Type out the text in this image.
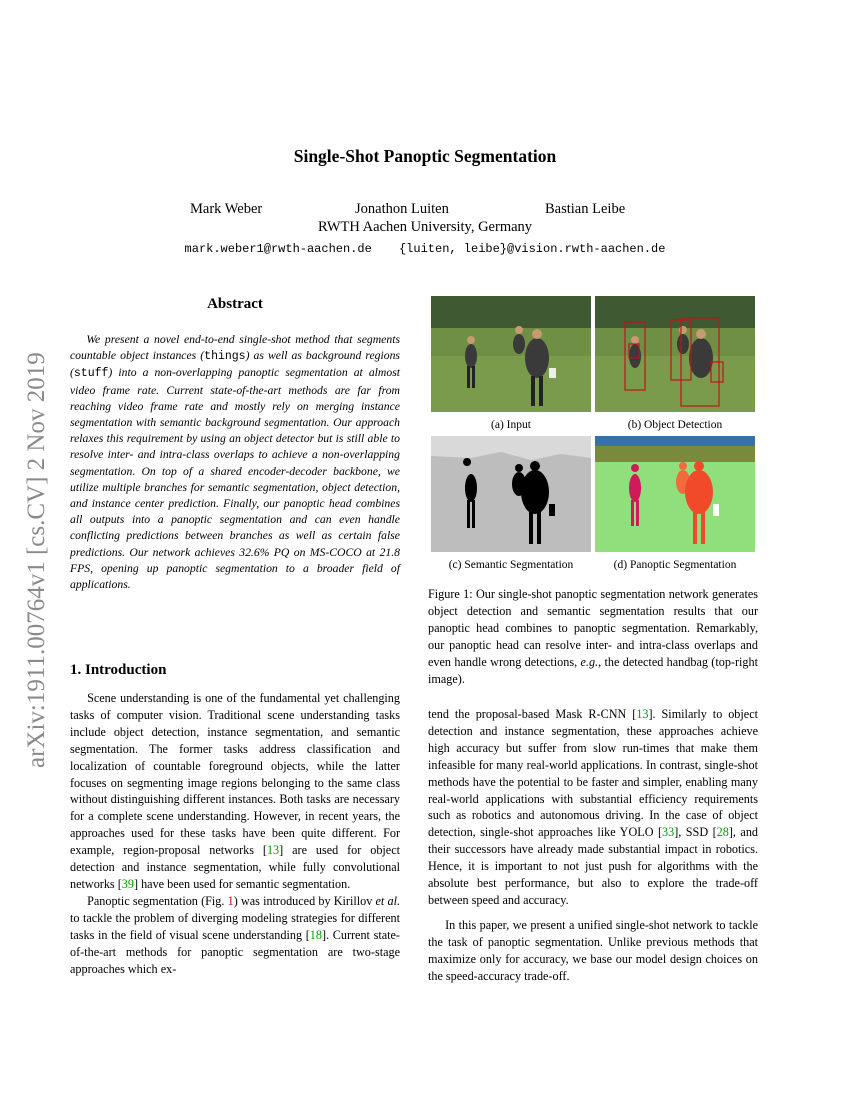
arXiv:1911.00764v1 [cs.CV] 2 Nov 2019
Single-Shot Panoptic Segmentation
Mark Weber	Jonathon Luiten	Bastian Leibe
RWTH Aachen University, Germany
mark.weber1@rwth-aachen.de {luiten, leibe}@vision.rwth-aachen.de
Abstract
We present a novel end-to-end single-shot method that segments countable object instances (things) as well as background regions (stuff) into a non-overlapping panoptic segmentation at almost video frame rate. Current state-of-the-art methods are far from reaching video frame rate and mostly rely on merging instance segmentation with semantic background segmentation. Our approach relaxes this requirement by using an object detector but is still able to resolve inter- and intra-class overlaps to achieve a non-overlapping segmentation. On top of a shared encoder-decoder backbone, we utilize multiple branches for semantic segmentation, object detection, and instance center prediction. Finally, our panoptic head combines all outputs into a panoptic segmentation and can even handle conflicting predictions between branches as well as certain false predictions. Our network achieves 32.6% PQ on MS-COCO at 21.8 FPS, opening up panoptic segmentation to a broader field of applications.
1. Introduction

Scene understanding is one of the fundamental yet challenging tasks of computer vision. Traditional scene understanding tasks include object detection, instance segmentation, and semantic segmentation. The former tasks address classification and localization of countable foreground objects, while the latter focuses on segmenting image regions belonging to the same class without distinguishing different instances. Both tasks are necessary for a complete scene understanding. However, in recent years, the approaches used for these tasks have been quite different. For example, region-proposal networks [13] are used for object detection and instance segmentation, while fully convolutional networks [39] have been used for semantic segmentation.

Panoptic segmentation (Fig. 1) was introduced by Kirillov et al. to tackle the problem of diverging modeling strategies for different tasks in the field of visual scene understanding [18]. Current state-of-the-art methods for panoptic segmentation are two-stage approaches which ex-

(a) Input	(b) Object Detection
(c) Semantic Segmentation	(d) Panoptic Segmentation
Figure 1: Our single-shot panoptic segmentation network generates object detection and semantic segmentation results that our panoptic head combines to panoptic segmentation. Remarkably, our panoptic head can resolve inter- and intra-class overlaps and even handle wrong detections, e.g., the detected handbag (top-right image).

tend the proposal-based Mask R-CNN [13]. Similarly to object detection and instance segmentation, these approaches achieve high accuracy but suffer from slow run-times that make them infeasible for many real-world applications. In contrast, single-shot methods have the potential to be faster and simpler, enabling many real-world applications with substantial efficiency requirements such as robotics and autonomous driving. In the case of object detection, single-shot approaches like YOLO [33], SSD [28], and their successors have already made substantial impact in robotics. Hence, it is important to not just push for algorithms with the absolute best performance, but also to explore the trade-off between speed and accuracy.

In this paper, we present a unified single-shot network to tackle the task of panoptic segmentation. Unlike previous methods that maximize only for accuracy, we base our model design choices on the speed-accuracy trade-off.
